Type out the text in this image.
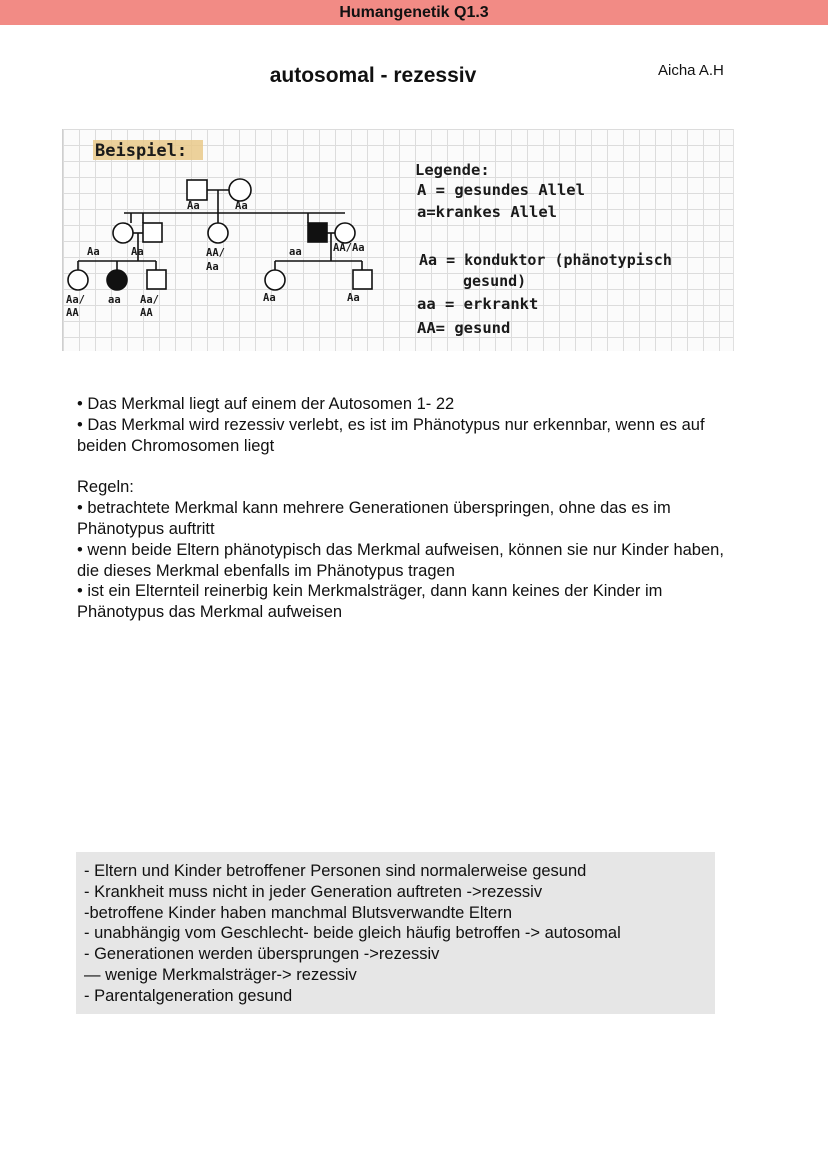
Humangenetik Q1.3
autosomal - rezessiv	Aicha A.H
Beispiel:
Aa	Aa
Aa	Aa	AA/
Aa
aa	AA/Aa
Aa/
AA
aa Aa/
AA
Aa	Aa
Legende:
A = gesundes Allel
a=krankes Allel
Aa = konduktor (phänotypisch
gesund)
aa = erkrankt
AA= gesund

• Das Merkmal liegt auf einem der Autosomen 1- 22

• Das Merkmal wird rezessiv verlebt, es ist im Phänotypus nur erkennbar, wenn es auf beiden Chromosomen liegt

Regeln:

• betrachtete Merkmal kann mehrere Generationen überspringen, ohne das es im Phänotypus auftritt

• wenn beide Eltern phänotypisch das Merkmal aufweisen, können sie nur Kinder haben, die dieses Merkmal ebenfalls im Phänotypus tragen

• ist ein Elternteil reinerbig kein Merkmalsträger, dann kann keines der Kinder im Phänotypus das Merkmal aufweisen

- Eltern und Kinder betroffener Personen sind normalerweise gesund
- Krankheit muss nicht in jeder Generation auftreten ->rezessiv
-betroffene Kinder haben manchmal Blutsverwandte Eltern
- unabhängig vom Geschlecht- beide gleich häufig betroffen -> autosomal
- Generationen werden übersprungen ->rezessiv
— wenige Merkmalsträger-> rezessiv
- Parentalgeneration gesund
